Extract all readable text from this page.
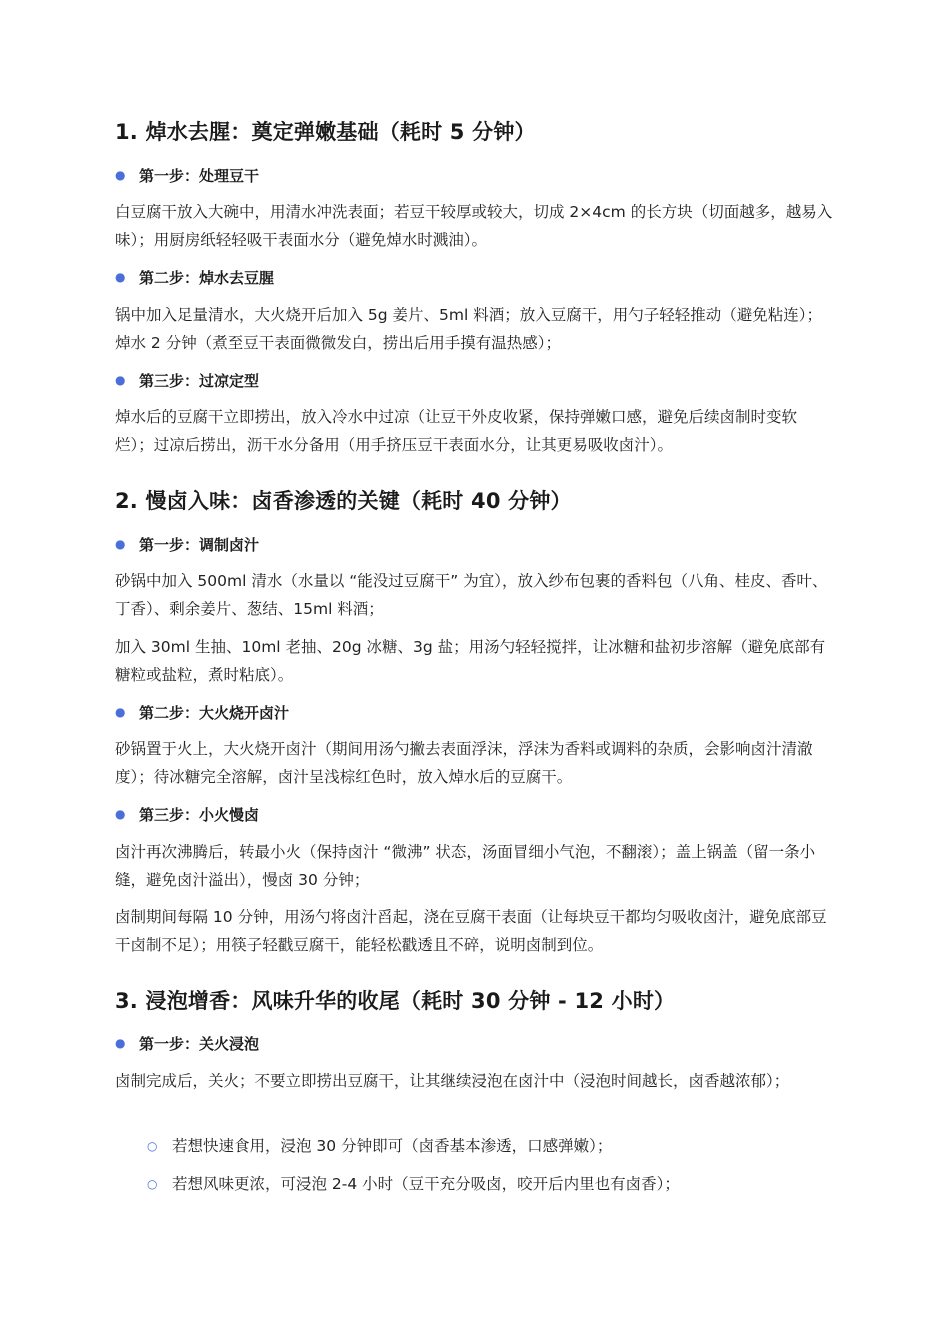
1. 焯水去腥：奠定弹嫩基础（耗时 5 分钟）
● 第一步：处理豆干

白豆腐干放入大碗中，用清水冲洗表面；若豆干较厚或较大，切成 2×4cm 的长方块（切面越多，越易入味）；用厨房纸轻轻吸干表面水分（避免焯水时溅油）。

● 第二步：焯水去豆腥

锅中加入足量清水，大火烧开后加入 5g 姜片、5ml 料酒；放入豆腐干，用勺子轻轻推动（避免粘连）；焯水 2 分钟（煮至豆干表面微微发白，捞出后用手摸有温热感）；

● 第三步：过凉定型

焯水后的豆腐干立即捞出，放入冷水中过凉（让豆干外皮收紧，保持弹嫩口感，避免后续卤制时变软烂）；过凉后捞出，沥干水分备用（用手挤压豆干表面水分，让其更易吸收卤汁）。

2. 慢卤入味：卤香渗透的关键（耗时 40 分钟）
● 第一步：调制卤汁

砂锅中加入 500ml 清水（水量以 “能没过豆腐干” 为宜），放入纱布包裹的香料包（八角、桂皮、香叶、丁香）、剩余姜片、葱结、15ml 料酒；

加入 30ml 生抽、10ml 老抽、20g 冰糖、3g 盐；用汤勺轻轻搅拌，让冰糖和盐初步溶解（避免底部有糖粒或盐粒，煮时粘底）。

● 第二步：大火烧开卤汁

砂锅置于火上，大火烧开卤汁（期间用汤勺撇去表面浮沫，浮沫为香料或调料的杂质，会影响卤汁清澈度）；待冰糖完全溶解，卤汁呈浅棕红色时，放入焯水后的豆腐干。

● 第三步：小火慢卤

卤汁再次沸腾后，转最小火（保持卤汁 “微沸” 状态，汤面冒细小气泡，不翻滚）；盖上锅盖（留一条小缝，避免卤汁溢出），慢卤 30 分钟；

卤制期间每隔 10 分钟，用汤勺将卤汁舀起，浇在豆腐干表面（让每块豆干都均匀吸收卤汁，避免底部豆干卤制不足）；用筷子轻戳豆腐干，能轻松戳透且不碎，说明卤制到位。

3. 浸泡增香：风味升华的收尾（耗时 30 分钟 - 12 小时）
● 第一步：关火浸泡

卤制完成后，关火；不要立即捞出豆腐干，让其继续浸泡在卤汁中（浸泡时间越长，卤香越浓郁）；

○ 若想快速食用，浸泡 30 分钟即可（卤香基本渗透，口感弹嫩）；
○ 若想风味更浓，可浸泡 2-4 小时（豆干充分吸卤，咬开后内里也有卤香）；
